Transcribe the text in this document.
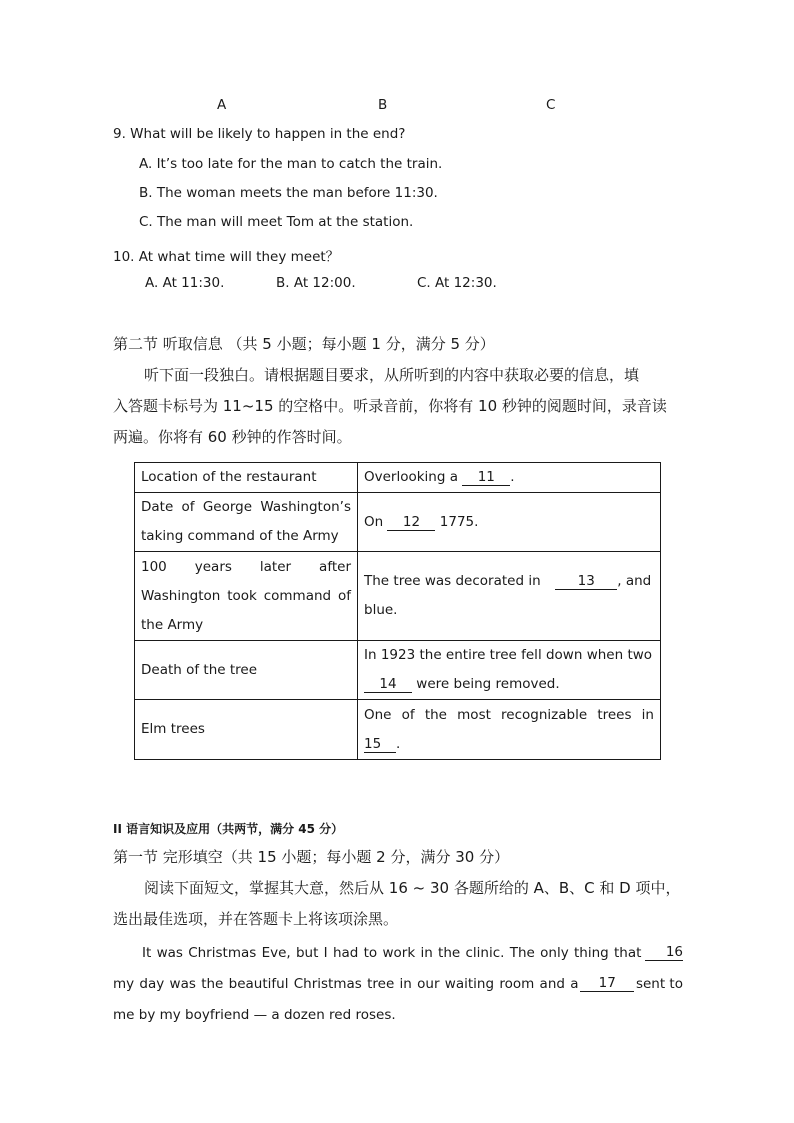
A	B	C
9. What will be likely to happen in the end?
A. It’s too late for the man to catch the train.
B. The woman meets the man before 11:30.
C. The man will meet Tom at the station.
10. At what time will they meet？
A. At 11:30.	B. At 12:00.	C. At 12:30.
第二节 听取信息 （共 5 小题；每小题 1 分，满分 5 分）
听下面一段独白。请根据题目要求，从所听到的内容中获取必要的信息，填
入答题卡标号为 11~15 的空格中。听录音前，你将有 10 秒钟的阅题时间，录音读
两遍。你将有 60 秒钟的作答时间。
Location of the restaurant	Overlooking a 11 .

Date of George Washington’s
taking command of the Army	On 12 1775.

100 years later after
Washington took command of
the Army	The tree was decorated in 13 , and
blue.

Death of the tree	In 1923 the entire tree fell down when two
14 were being removed.

Elm trees	One of the most recognizable trees in
15 .
II 语言知识及应用（共两节，满分 45 分）
第一节 完形填空（共 15 小题；每小题 2 分，满分 30 分）
阅读下面短文，掌握其大意，然后从 16 ~ 30 各题所给的 A、B、C 和 D 项中，
选出最佳选项，并在答题卡上将该项涂黑。
It was Christmas Eve, but I had to work in the clinic. The only thing that	16
my day was the beautiful Christmas tree in our waiting room and a	17	sent to
me by my boyfriend — a dozen red roses.
